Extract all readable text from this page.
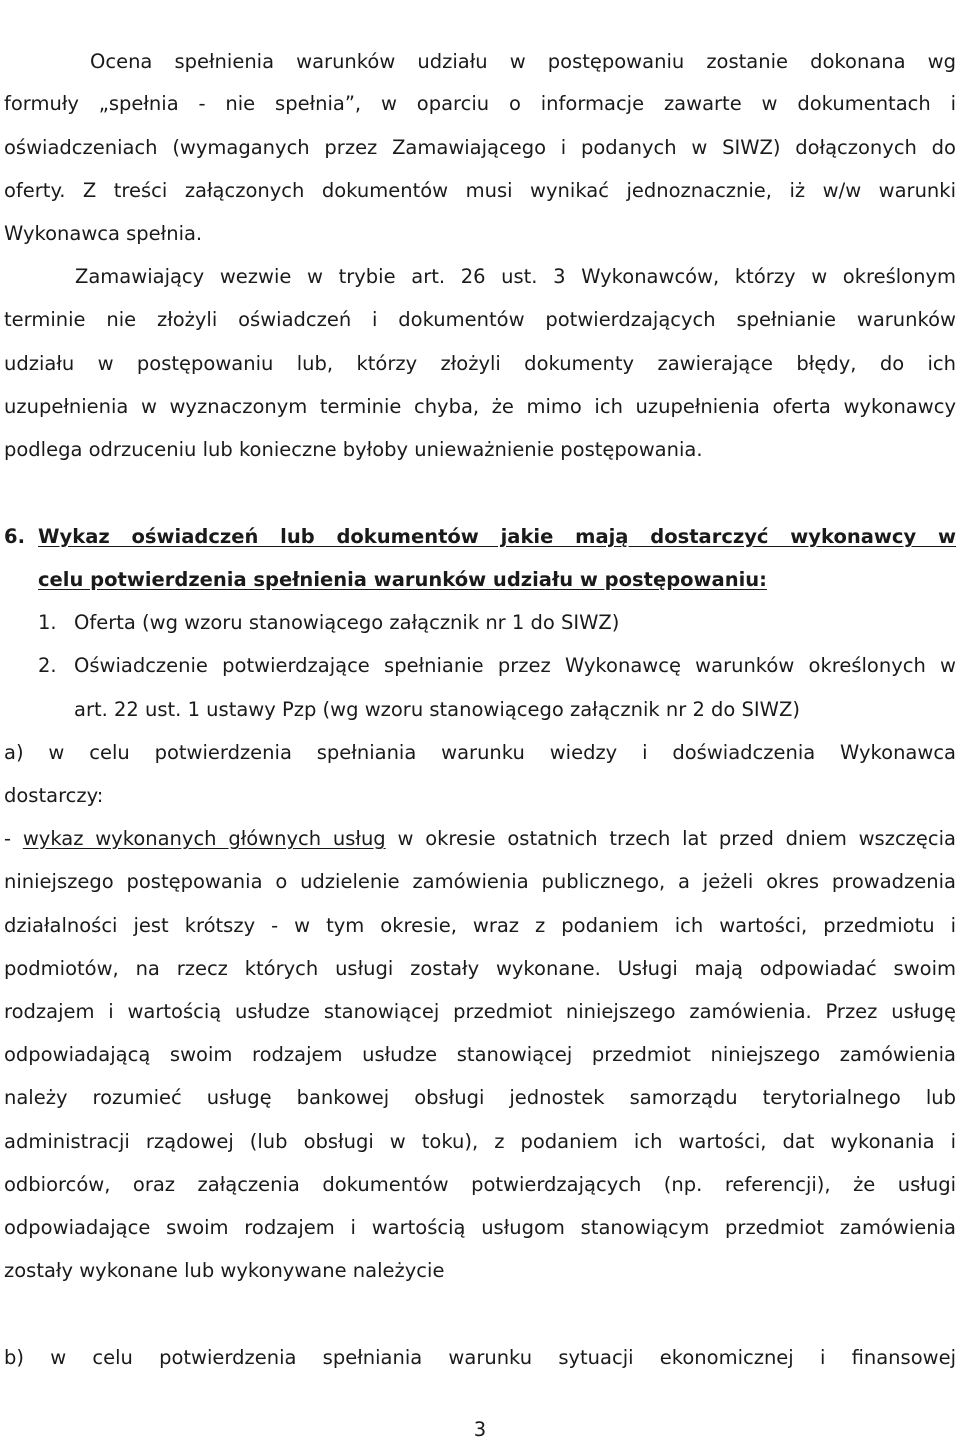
Ocena spełnienia warunków udziału w postępowaniu zostanie dokonana wg
formuły „spełnia - nie spełnia”, w oparciu o informacje zawarte w dokumentach i
oświadczeniach (wymaganych przez Zamawiającego i podanych w SIWZ) dołączonych do
oferty. Z treści załączonych dokumentów musi wynikać jednoznacznie, iż w/w warunki
Wykonawca spełnia.
Zamawiający wezwie w trybie art. 26 ust. 3 Wykonawców, którzy w określonym
terminie nie złożyli oświadczeń i dokumentów potwierdzających spełnianie warunków
udziału w postępowaniu lub, którzy złożyli dokumenty zawierające błędy, do ich
uzupełnienia w wyznaczonym terminie chyba, że mimo ich uzupełnienia oferta wykonawcy
podlega odrzuceniu lub konieczne byłoby unieważnienie postępowania.
6. Wykaz oświadczeń lub dokumentów jakie mają dostarczyć wykonawcy w
celu potwierdzenia spełnienia warunków udziału w postępowaniu:
1. Oferta (wg wzoru stanowiącego załącznik nr 1 do SIWZ)
2. Oświadczenie potwierdzające spełnianie przez Wykonawcę warunków określonych w
art. 22 ust. 1 ustawy Pzp (wg wzoru stanowiącego załącznik nr 2 do SIWZ)
a) w celu potwierdzenia spełniania warunku wiedzy i doświadczenia Wykonawca
dostarczy:
- wykaz wykonanych głównych usług w okresie ostatnich trzech lat przed dniem wszczęcia
niniejszego postępowania o udzielenie zamówienia publicznego, a jeżeli okres prowadzenia
działalności jest krótszy - w tym okresie, wraz z podaniem ich wartości, przedmiotu i
podmiotów, na rzecz których usługi zostały wykonane. Usługi mają odpowiadać swoim
rodzajem i wartością usłudze stanowiącej przedmiot niniejszego zamówienia. Przez usługę
odpowiadającą swoim rodzajem usłudze stanowiącej przedmiot niniejszego zamówienia
należy rozumieć usługę bankowej obsługi jednostek samorządu terytorialnego lub
administracji rządowej (lub obsługi w toku), z podaniem ich wartości, dat wykonania i
odbiorców, oraz załączenia dokumentów potwierdzających (np. referencji), że usługi
odpowiadające swoim rodzajem i wartością usługom stanowiącym przedmiot zamówienia
zostały wykonane lub wykonywane należycie
b) w celu potwierdzenia spełniania warunku sytuacji ekonomicznej i finansowej
3
